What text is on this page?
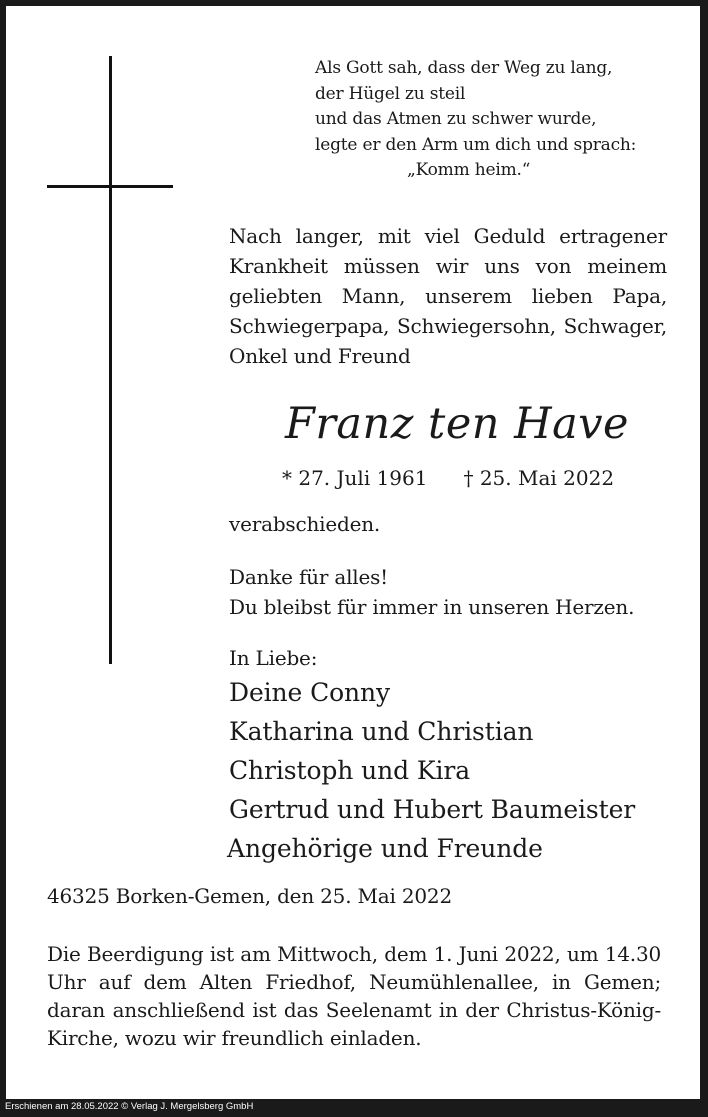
Als Gott sah, dass der Weg zu lang,
der Hügel zu steil
und das Atmen zu schwer wurde,
legte er den Arm um dich und sprach:
„Komm heim.“
Nach langer, mit viel Geduld ertragener Krankheit müssen wir uns von meinem geliebten Mann, unserem lieben Papa, Schwiegerpapa, Schwiegersohn, Schwager, Onkel und Freund
Franz ten Have
* 27. Juli 1961 † 25. Mai 2022
verabschieden.
Danke für alles!
Du bleibst für immer in unseren Herzen.
In Liebe:
Deine Conny
Katharina und Christian
Christoph und Kira
Gertrud und Hubert Baumeister
Angehörige und Freunde
46325 Borken-Gemen, den 25. Mai 2022
Die Beerdigung ist am Mittwoch, dem 1. Juni 2022, um 14.30 Uhr auf dem Alten Friedhof, Neumühlenallee, in Gemen; daran anschließend ist das Seelenamt in der Christus-König-Kirche, wozu wir freundlich einladen.
Erschienen am 28.05.2022 © Verlag J. Mergelsberg GmbH
